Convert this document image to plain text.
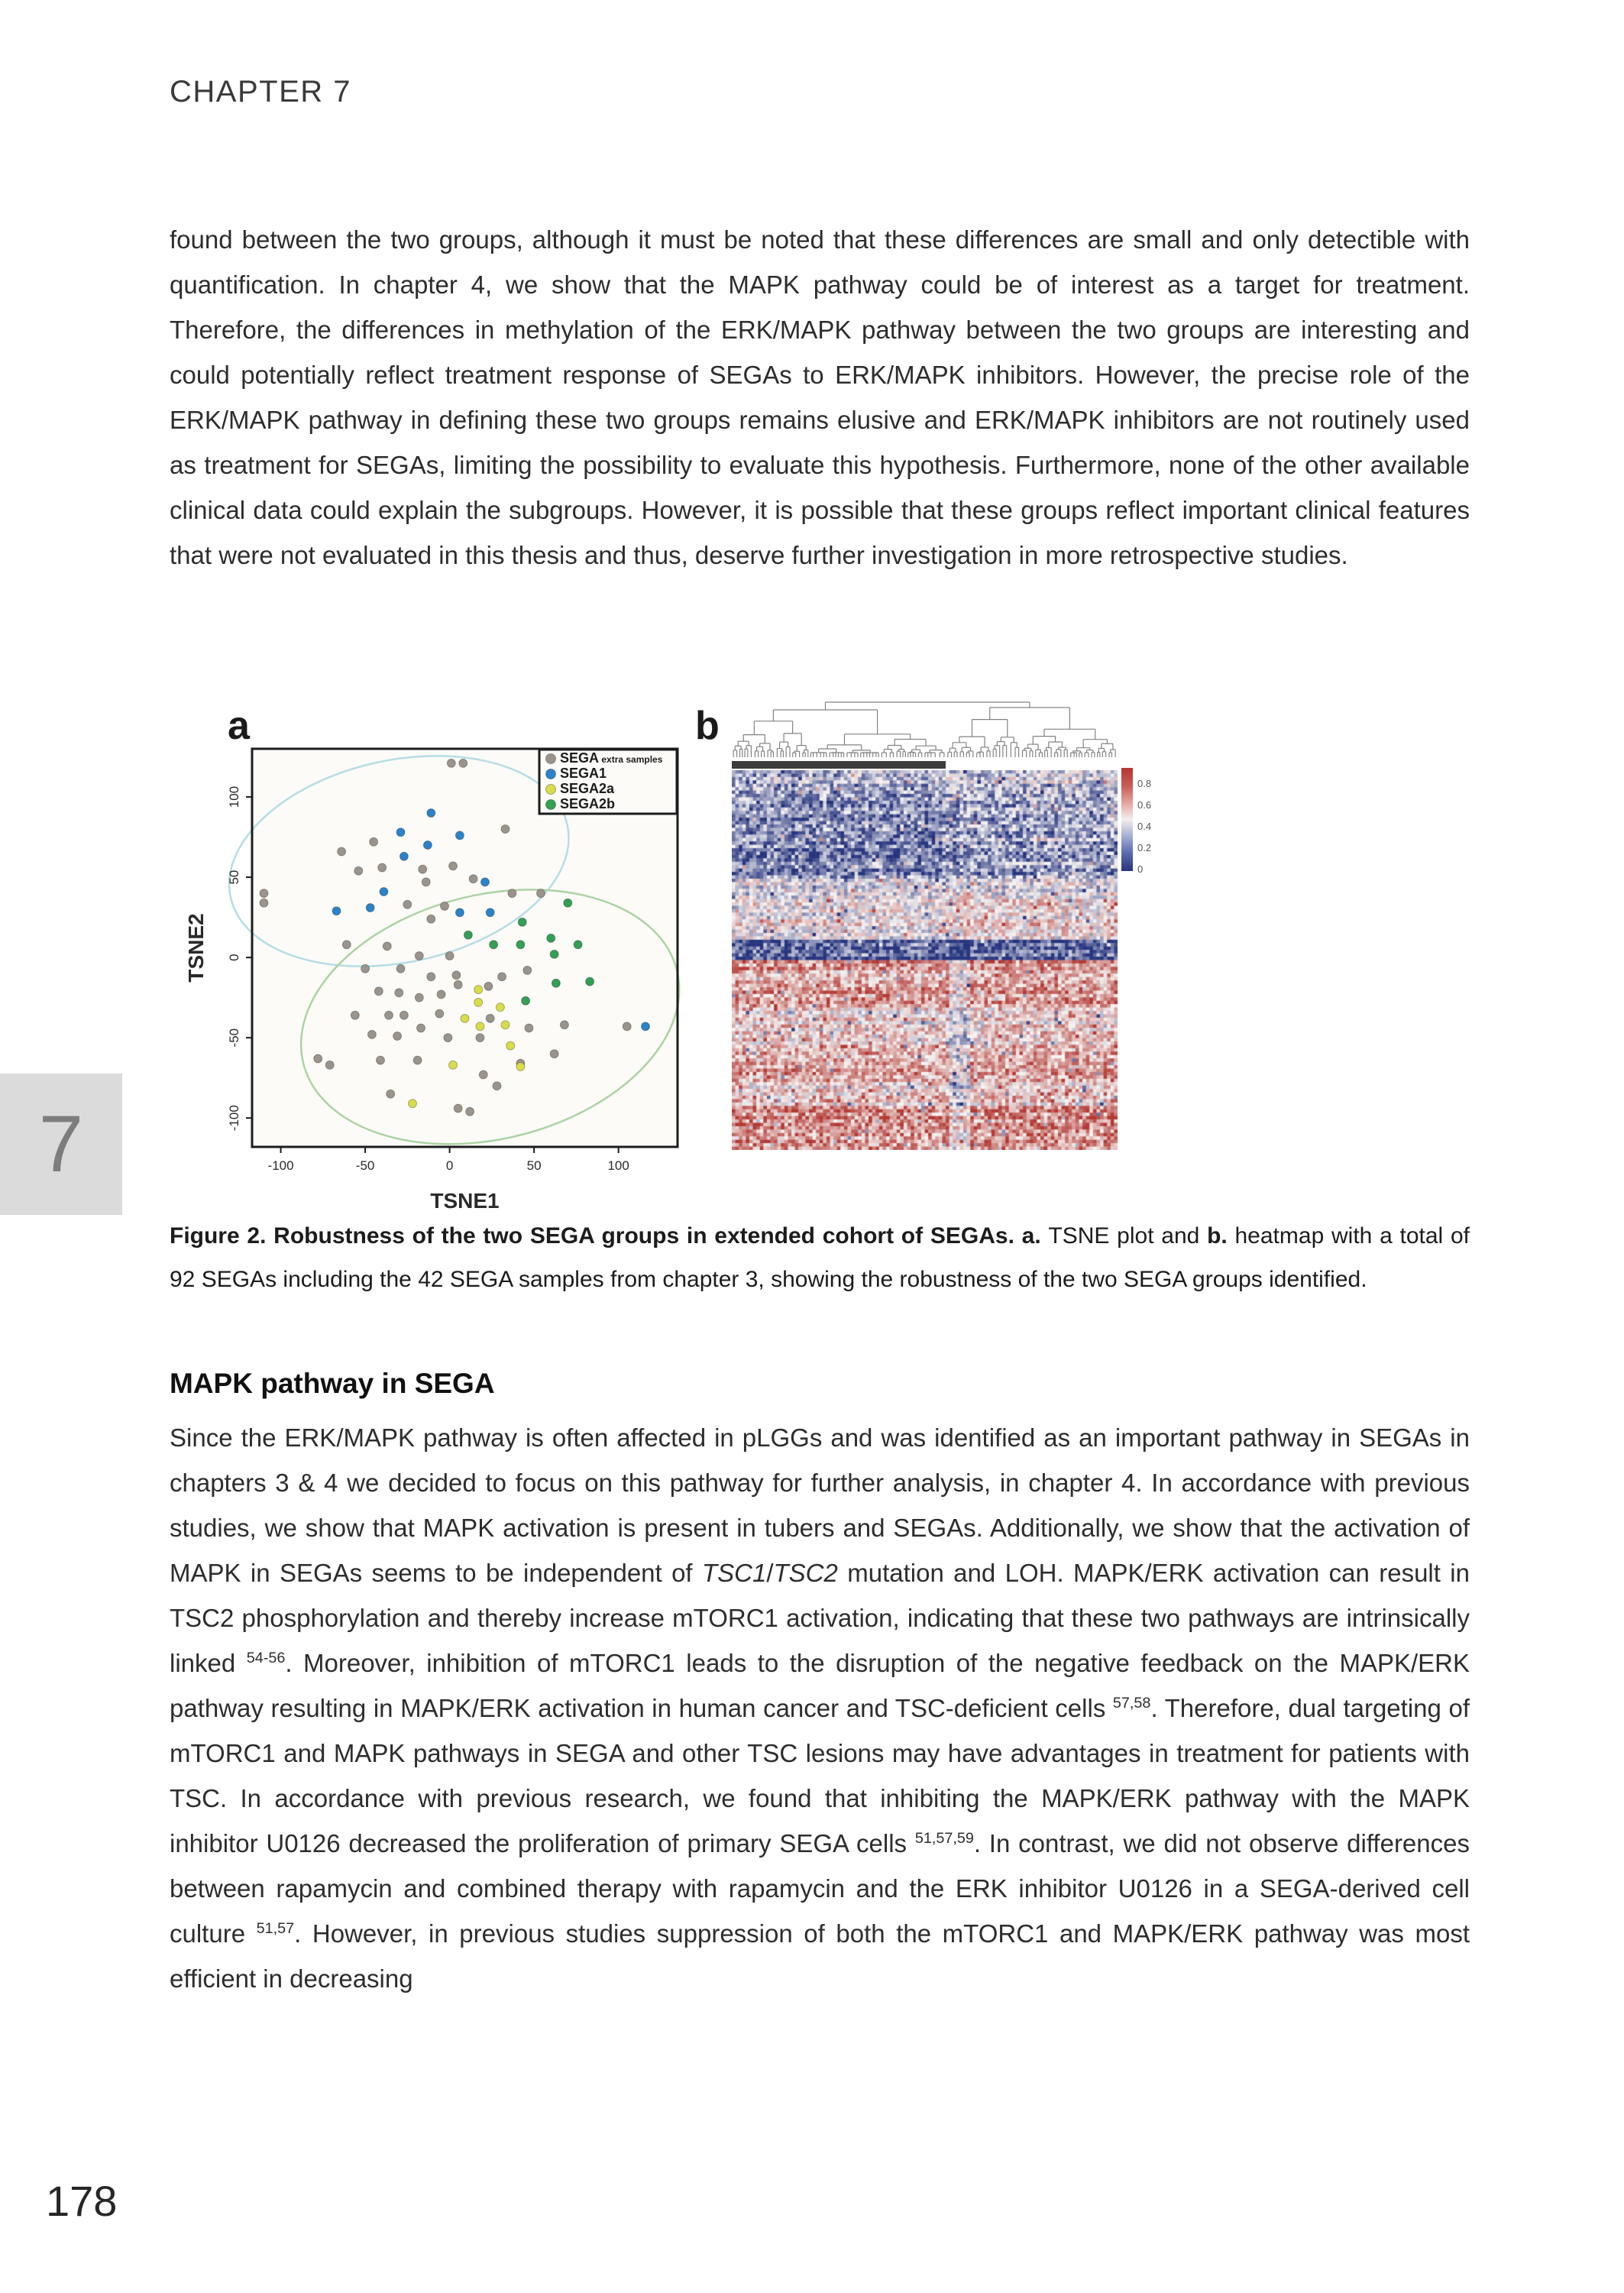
CHAPTER 7

found between the two groups, although it must be noted that these differences are small and only detectible with quantification. In chapter 4, we show that the MAPK pathway could be of interest as a target for treatment. Therefore, the differences in methylation of the ERK/MAPK pathway between the two groups are interesting and could potentially reflect treatment response of SEGAs to ERK/MAPK inhibitors. However, the precise role of the ERK/MAPK pathway in defining these two groups remains elusive and ERK/MAPK inhibitors are not routinely used as treatment for SEGAs, limiting the possibility to evaluate this hypothesis. Furthermore, none of the other available clinical data could explain the subgroups. However, it is possible that these groups reflect important clinical features that were not evaluated in this thesis and thus, deserve further investigation in more retrospective studies.

a
-100	-50	0	50	100
100
50
0
-50
-100
TSNE1
TSNE2
SEGA extra samples
SEGA1
SEGA2a
SEGA2b
b
0.8
0.6
0.4
0.2
0

Figure 2. Robustness of the two SEGA groups in extended cohort of SEGAs. a. TSNE plot and b. heatmap with a total of 92 SEGAs including the 42 SEGA samples from chapter 3, showing the robustness of the two SEGA groups identified.

MAPK pathway in SEGA

Since the ERK/MAPK pathway is often affected in pLGGs and was identified as an important pathway in SEGAs in chapters 3 & 4 we decided to focus on this pathway for further analysis, in chapter 4. In accordance with previous studies, we show that MAPK activation is present in tubers and SEGAs. Additionally, we show that the activation of MAPK in SEGAs seems to be independent of TSC1/TSC2 mutation and LOH. MAPK/ERK activation can result in TSC2 phosphorylation and thereby increase mTORC1 activation, indicating that these two pathways are intrinsically linked $^{54-56}$. Moreover, inhibition of mTORC1 leads to the disruption of the negative feedback on the MAPK/ERK pathway resulting in MAPK/ERK activation in human cancer and TSC-deficient cells $^{57,58}$. Therefore, dual targeting of mTORC1 and MAPK pathways in SEGA and other TSC lesions may have advantages in treatment for patients with TSC. In accordance with previous research, we found that inhibiting the MAPK/ERK pathway with the MAPK inhibitor U0126 decreased the proliferation of primary SEGA cells $^{51,57,59}$. In contrast, we did not observe differences between rapamycin and combined therapy with rapamycin and the ERK inhibitor U0126 in a SEGA-derived cell culture $^{51,57}$. However, in previous studies suppression of both the mTORC1 and MAPK/ERK pathway was most efficient in decreasing

7
178
